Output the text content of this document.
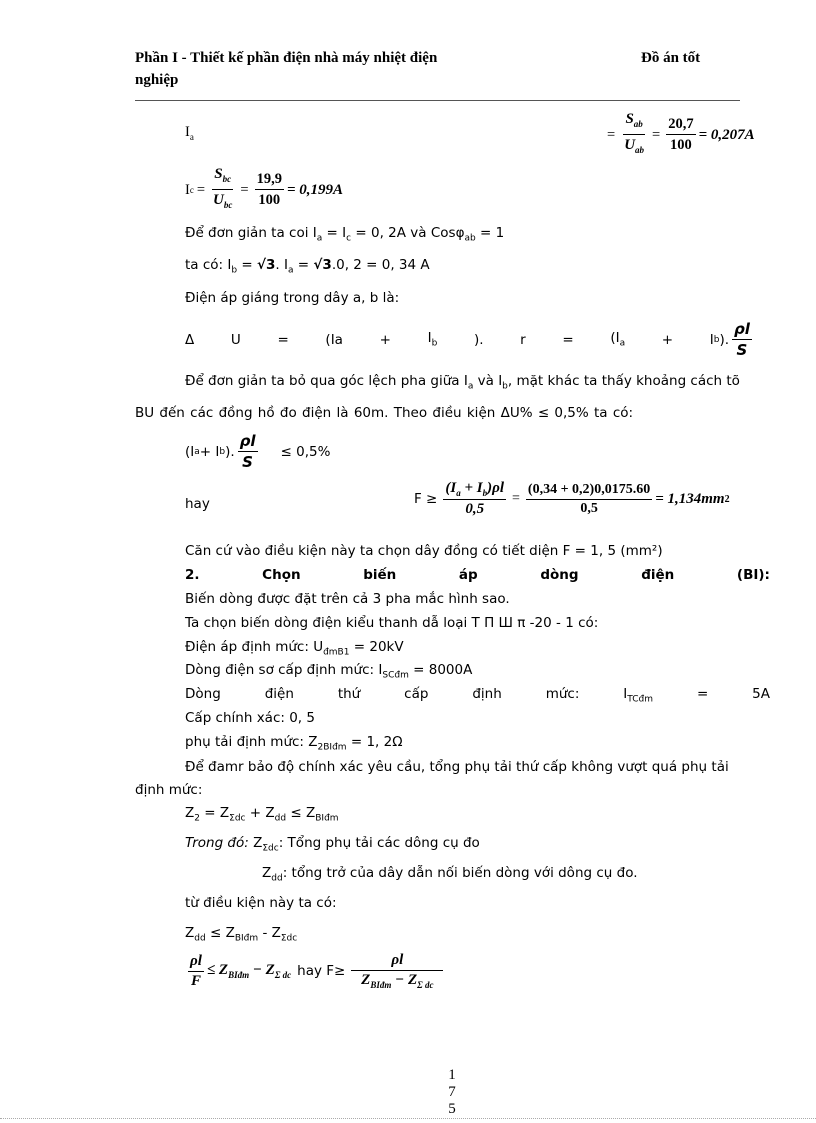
Phần I - Thiết kế phần điện nhà máy nhiệt điện
nghiệp
Đồ án tốt
$I_a$	= $\frac{S_{ab}}{U_{ab}} = \frac{20,7}{100} = 0,207A$
I $c = \frac{S_{bc}}{U_{bc}} = \frac{19,9}{100} = 0,199A$
Để đơn giản ta coi $I_a = I_c = 0$, 2A và Cosφ$_{ab}$ = 1
ta có: $I_b = √3$. $I_a = √3.0$, 2 = 0, 34 A
Điện áp giáng trong dây a, b là:
Δ	U	=	(Ia	+	$I_b$	).	r	=	($I_a$	+	I b ). $\frac{\rho l}{S}$
Để đơn giản ta bỏ qua góc lệch pha giữa $I_a$ và $I_b$, mặt khác ta thấy khoảng cách tõ
BU đến các đồng hồ đo điện là 60m. Theo điều kiện ΔU% ≤ 0,5% ta có:
(I a + I b ). $\frac{\rho l}{S} \le 0,5\%$
hay	$F \ge \frac{(I_a + I_b)\rho l}{0,5} = \frac{(0,34 + 0,2)0,0175.60}{0,5} = 1,134mm$ 2
Căn cứ vào điều kiện này ta chọn dây đồng có tiết diện F = 1, 5 (mm²)
2.	Chọn	biến	áp	dòng	điện	(BI):
Biến dòng được đặt trên cả 3 pha mắc hình sao.
Ta chọn biến dòng điện kiểu thanh dẫ loại T Π Ш π -20 - 1 có:
Điện áp định mức: $U_{đmB1} = 20kV$
Dòng điện sơ cấp định mức: $I_{SCđm} = 8000A$
Dòng	điện	thứ	cấp	định	mức:	$I_{TCđm}$	=	5A
Cấp chính xác: 0, 5
phụ tải định mức: $Z_{2BIđm} = 1$, 2Ω
Để đamr bảo độ chính xác yêu cầu, tổng phụ tải thứ cấp không vượt quá phụ tải
định mức:
$Z_2 = Z_{\Sigma dc} + Z_{dd} \le Z_{BIđm}$
Trong đó: $Z_{\Sigma dc}$: Tổng phụ tải các dông cụ đo
$Z_{dd}$: tổng trở của dây dẫn nối biến dòng với dông cụ đo.
từ điều kiện này ta có:
$Z_{dd} \le Z_{BIđm} - Z_{\Sigma dc}$
$\frac{\rho l}{F} \le Z_{BIđm} - Z_{\Sigma dc}$ hay $F\ge \frac{\rho l}{Z_{BIđm} - Z_{\Sigma dc}}$
1
7
5
